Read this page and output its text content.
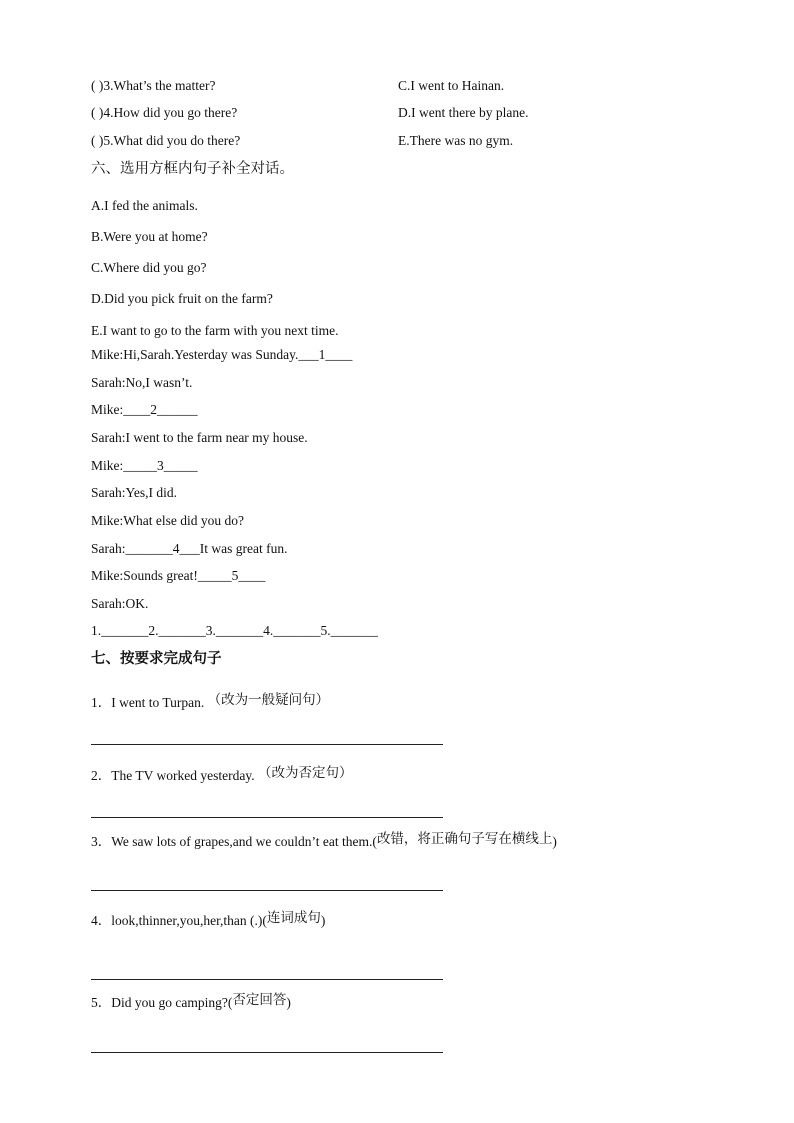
( )3.What’s the matter?	C.I went to Hainan.
( )4.How did you go there?	D.I went there by plane.
( )5.What did you do there?	E.There was no gym.
六、选用方框内句子补全对话。
A.I fed the animals.
B.Were you at home?
C.Where did you go?
D.Did you pick fruit on the farm?
E.I want to go to the farm with you next time.
Mike:Hi,Sarah.Yesterday was Sunday.___1____
Sarah:No,I wasn’t.
Mike:____2______
Sarah:I went to the farm near my house.
Mike:_____3_____
Sarah:Yes,I did.
Mike:What else did you do?
Sarah:_______4___It was great fun.
Mike:Sounds great!_____5____
Sarah:OK.
1._______2._______3._______4._______5._______
七、按要求完成句子
1．I went to Turpan. （改为一般疑问句）
2．The TV worked yesterday. （改为否定句）
3．We saw lots of grapes,and we couldn’t eat them.(改错，将正确句子写在横线上)
4．look,thinner,you,her,than (.)(连词成句)
5．Did you go camping?(否定回答)
